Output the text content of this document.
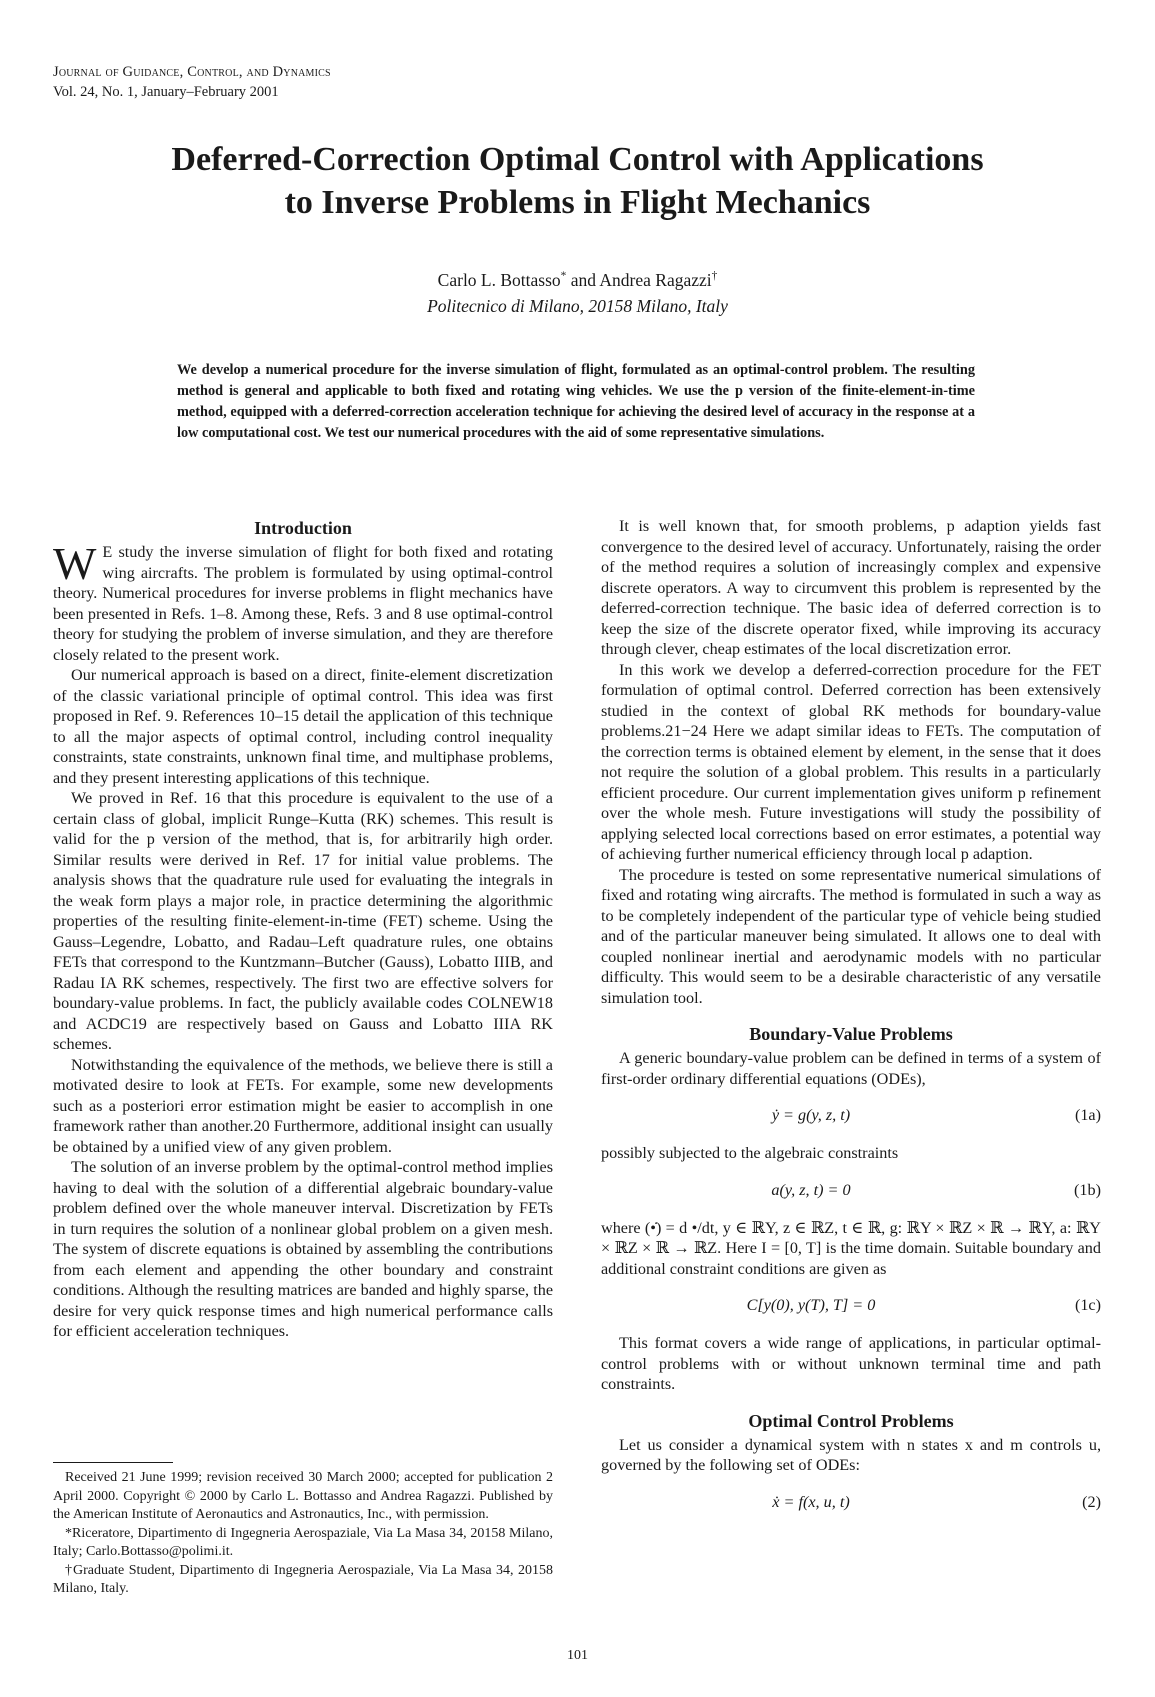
Journal of Guidance, Control, and Dynamics
Vol. 24, No. 1, January–February 2001
Deferred-Correction Optimal Control with Applications
to Inverse Problems in Flight Mechanics
Carlo L. Bottasso* and Andrea Ragazzi†
Politecnico di Milano, 20158 Milano, Italy
We develop a numerical procedure for the inverse simulation of flight, formulated as an optimal-control problem. The resulting method is general and applicable to both fixed and rotating wing vehicles. We use the p version of the finite-element-in-time method, equipped with a deferred-correction acceleration technique for achieving the desired level of accuracy in the response at a low computational cost. We test our numerical procedures with the aid of some representative simulations.
Introduction

W E study the inverse simulation of flight for both fixed and rotating wing aircrafts. The problem is formulated by using optimal-control theory. Numerical procedures for inverse problems in flight mechanics have been presented in Refs. 1–8. Among these, Refs. 3 and 8 use optimal-control theory for studying the problem of inverse simulation, and they are therefore closely related to the present work.

Our numerical approach is based on a direct, finite-element discretization of the classic variational principle of optimal control. This idea was first proposed in Ref. 9. References 10–15 detail the application of this technique to all the major aspects of optimal control, including control inequality constraints, state constraints, unknown final time, and multiphase problems, and they present interesting applications of this technique.

We proved in Ref. 16 that this procedure is equivalent to the use of a certain class of global, implicit Runge–Kutta (RK) schemes. This result is valid for the p version of the method, that is, for arbitrarily high order. Similar results were derived in Ref. 17 for initial value problems. The analysis shows that the quadrature rule used for evaluating the integrals in the weak form plays a major role, in practice determining the algorithmic properties of the resulting finite-element-in-time (FET) scheme. Using the Gauss–Legendre, Lobatto, and Radau–Left quadrature rules, one obtains FETs that correspond to the Kuntzmann–Butcher (Gauss), Lobatto IIIB, and Radau IA RK schemes, respectively. The first two are effective solvers for boundary-value problems. In fact, the publicly available codes COLNEW18 and ACDC19 are respectively based on Gauss and Lobatto IIIA RK schemes.

Notwithstanding the equivalence of the methods, we believe there is still a motivated desire to look at FETs. For example, some new developments such as a posteriori error estimation might be easier to accomplish in one framework rather than another.20 Furthermore, additional insight can usually be obtained by a unified view of any given problem.

The solution of an inverse problem by the optimal-control method implies having to deal with the solution of a differential algebraic boundary-value problem defined over the whole maneuver interval. Discretization by FETs in turn requires the solution of a nonlinear global problem on a given mesh. The system of discrete equations is obtained by assembling the contributions from each element and appending the other boundary and constraint conditions. Although the resulting matrices are banded and highly sparse, the desire for very quick response times and high numerical performance calls for efficient acceleration techniques.

It is well known that, for smooth problems, p adaption yields fast convergence to the desired level of accuracy. Unfortunately, raising the order of the method requires a solution of increasingly complex and expensive discrete operators. A way to circumvent this problem is represented by the deferred-correction technique. The basic idea of deferred correction is to keep the size of the discrete operator fixed, while improving its accuracy through clever, cheap estimates of the local discretization error.

In this work we develop a deferred-correction procedure for the FET formulation of optimal control. Deferred correction has been extensively studied in the context of global RK methods for boundary-value problems.21−24 Here we adapt similar ideas to FETs. The computation of the correction terms is obtained element by element, in the sense that it does not require the solution of a global problem. This results in a particularly efficient procedure. Our current implementation gives uniform p refinement over the whole mesh. Future investigations will study the possibility of applying selected local corrections based on error estimates, a potential way of achieving further numerical efficiency through local p adaption.

The procedure is tested on some representative numerical simulations of fixed and rotating wing aircrafts. The method is formulated in such a way as to be completely independent of the particular type of vehicle being studied and of the particular maneuver being simulated. It allows one to deal with coupled nonlinear inertial and aerodynamic models with no particular difficulty. This would seem to be a desirable characteristic of any versatile simulation tool.

Boundary-Value Problems

A generic boundary-value problem can be defined in terms of a system of first-order ordinary differential equations (ODEs),

ẏ = g(y, z, t)	(1a)

possibly subjected to the algebraic constraints

a(y, z, t) = 0	(1b)

where (•̇) = d •/dt, y ∈ ℝY, z ∈ ℝZ, t ∈ ℝ, g: ℝY × ℝZ × ℝ → ℝY, a: ℝY × ℝZ × ℝ → ℝZ. Here I = [0, T] is the time domain. Suitable boundary and additional constraint conditions are given as

C[y(0), y(T), T] = 0	(1c)

This format covers a wide range of applications, in particular optimal-control problems with or without unknown terminal time and path constraints.

Optimal Control Problems

Let us consider a dynamical system with n states x and m controls u, governed by the following set of ODEs:

ẋ = f(x, u, t)	(2)

Received 21 June 1999; revision received 30 March 2000; accepted for publication 2 April 2000. Copyright © 2000 by Carlo L. Bottasso and Andrea Ragazzi. Published by the American Institute of Aeronautics and Astronautics, Inc., with permission.

*Riceratore, Dipartimento di Ingegneria Aerospaziale, Via La Masa 34, 20158 Milano, Italy; Carlo.Bottasso@polimi.it.

†Graduate Student, Dipartimento di Ingegneria Aerospaziale, Via La Masa 34, 20158 Milano, Italy.

101
